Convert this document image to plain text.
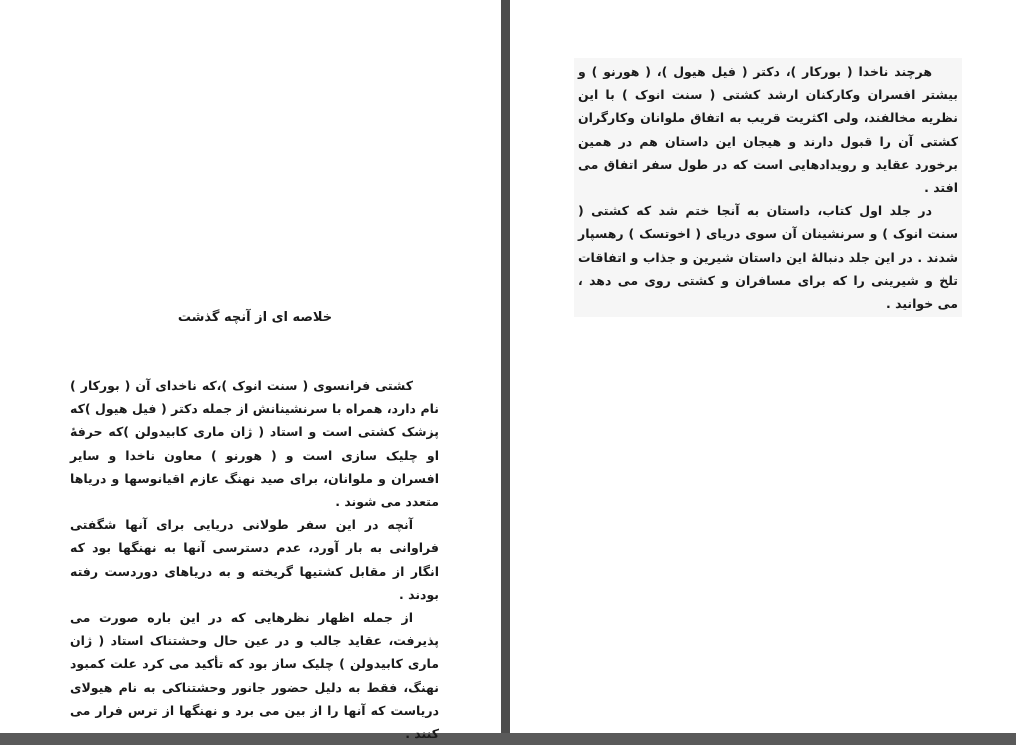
خلاصه ای از آنچه گذشت

کشتی فرانسوی ( سنت انوک )،که ناخدای آن ( بورکار ) نام دارد، همراه با سرنشینانش از جمله دکتر ( فیل هیول )که پزشک کشتی است و استاد ( ژان ماری کابیدولن )که حرفهٔ او چلیک سازی است و ( هورنو ) معاون ناخدا و سایر افسران و ملوانان، برای صید نهنگ عازم اقیانوسها و دریاها متعدد می شوند .

آنچه در این سفر طولانی دریایی برای آنها شگفتی فراوانی به بار آورد، عدم دسترسی آنها به نهنگها بود که انگار از مقابل کشتیها گریخته و به دریاهای دوردست رفته بودند .

از جمله اظهار نظرهایی که در این باره صورت می پذیرفت، عقاید جالب و در عین حال وحشتناک استاد ( ژان ماری کابیدولن ) چلیک ساز بود که تأکید می کرد علت کمبود نهنگ، فقط به دلیل حضور جانور وحشتناکی به نام هیولای دریاست که آنها را از بین می برد و نهنگها از ترس فرار می کنند .

هرچند ناخدا ( بورکار )، دکتر ( فیل هیول )، ( هورنو ) و بیشتر افسران وکارکنان ارشد کشتی ( سنت انوک ) با این نظریه مخالفند، ولی اکثریت قریب به اتفاق ملوانان وکارگران کشتی آن را قبول دارند و هیجان این داستان هم در همین برخورد عقاید و رویدادهایی است که در طول سفر اتفاق می افتد .

در جلد اول کتاب، داستان به آنجا ختم شد که کشتی ( سنت انوک ) و سرنشینان آن سوی دریای ( اخوتسک ) رهسپار شدند . در این جلد دنبالهٔ این داستان شیرین و جذاب و اتفاقات تلخ و شیرینی را که برای مسافران و کشتی روی می دهد ، می خوانید .
